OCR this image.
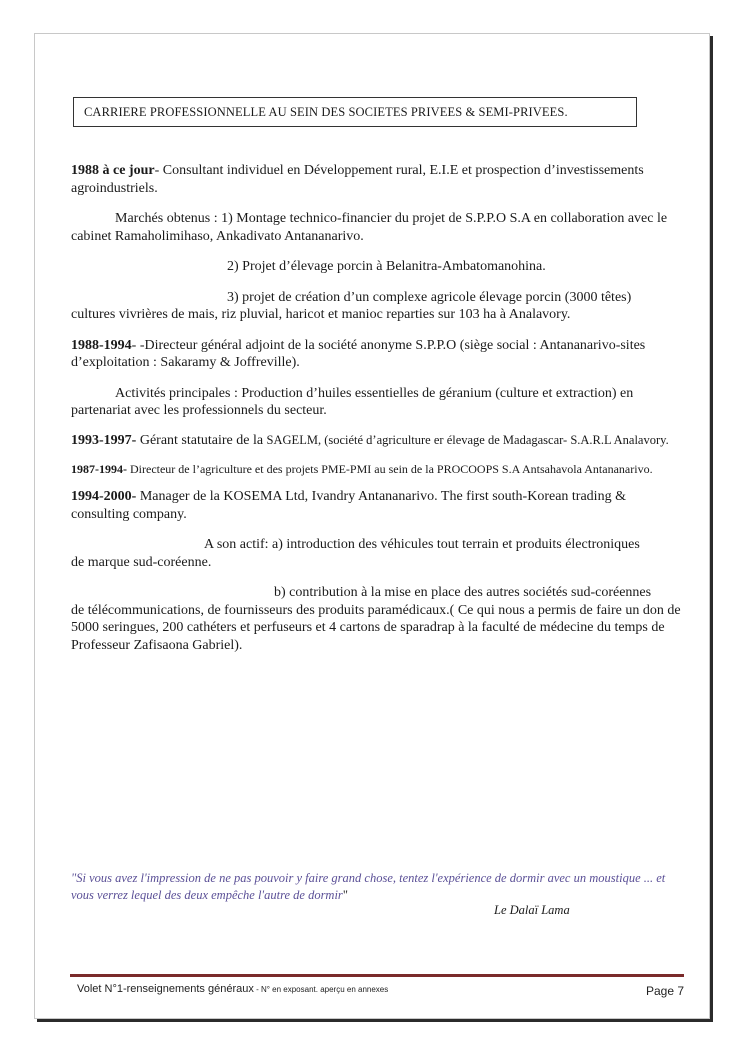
CARRIERE PROFESSIONNELLE AU SEIN DES SOCIETES PRIVEES & SEMI-PRIVEES.

1988 à ce jour- Consultant individuel en Développement rural, E.I.E et prospection d’investissements agroindustriels.

Marchés obtenus : 1) Montage technico-financier du projet de S.P.P.O S.A en collaboration avec le cabinet Ramaholimihaso, Ankadivato Antananarivo.

2) Projet d’élevage porcin à Belanitra-Ambatomanohina.

3) projet de création d’un complexe agricole élevage porcin (3000 têtes)

cultures vivrières de mais, riz pluvial, haricot et manioc reparties sur 103 ha à Analavory.

1988-1994- -Directeur général adjoint de la société anonyme S.P.P.O (siège social : Antananarivo-sites d’exploitation : Sakaramy & Joffreville).

Activités principales : Production d’huiles essentielles de géranium (culture et extraction) en partenariat avec les professionnels du secteur.

1993-1997- Gérant statutaire de la SAGELM, (société d’agriculture er élevage de Madagascar- S.A.R.L Analavory.

1987-1994- Directeur de l’agriculture et des projets PME-PMI au sein de la PROCOOPS S.A Antsahavola Antananarivo.

1994-2000- Manager de la KOSEMA Ltd, Ivandry Antananarivo. The first south-Korean trading & consulting company.

A son actif: a) introduction des véhicules tout terrain et produits électroniques

de marque sud-coréenne.

b) contribution à la mise en place des autres sociétés sud-coréennes

de télécommunications, de fournisseurs des produits paramédicaux.( Ce qui nous a permis de faire un don de 5000 seringues, 200 cathéters et perfuseurs et 4 cartons de sparadrap à la faculté de médecine du temps de Professeur Zafisaona Gabriel).

"Si vous avez l'impression de ne pas pouvoir y faire grand chose, tentez l'expérience de dormir avec un moustique ... et vous verrez lequel des deux empêche l'autre de dormir"
Le Dalaï Lama
Volet N°1-renseignements généraux - N° en exposant. aperçu en annexes	Page 7
